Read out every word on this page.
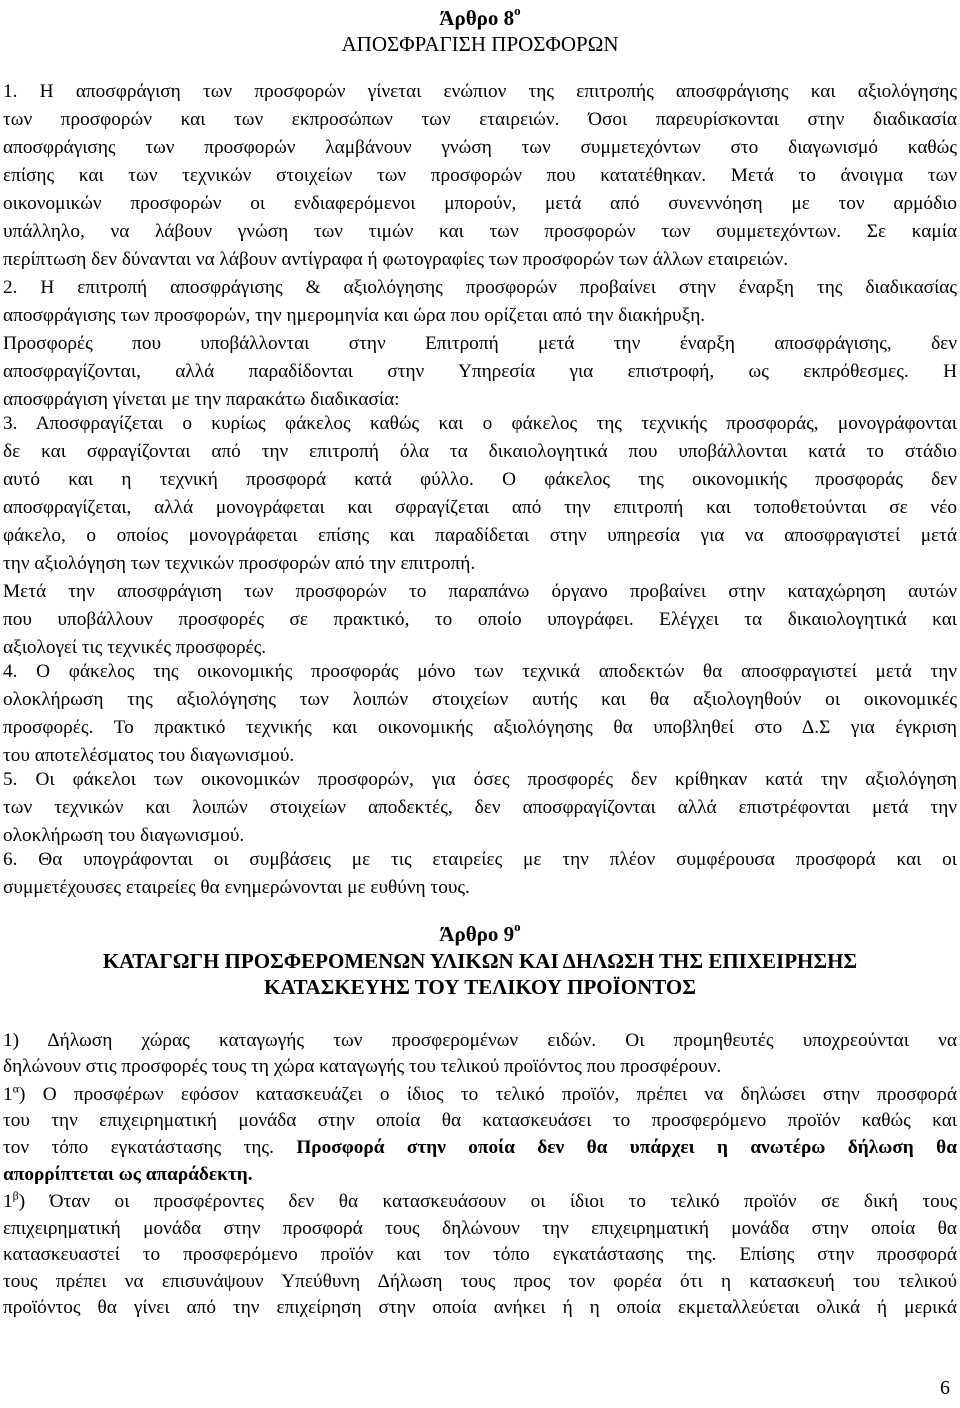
Άρθρο $8^o$
ΑΠΟΣΦΡΑΓΙΣΗ ΠΡΟΣΦΟΡΩΝ
1. Η αποσφράγιση των προσφορών γίνεται ενώπιον της επιτροπής αποσφράγισης και αξιολόγησης
των προσφορών και των εκπροσώπων των εταιρειών. Όσοι παρευρίσκονται στην διαδικασία
αποσφράγισης των προσφορών λαμβάνουν γνώση των συμμετεχόντων στο διαγωνισμό καθώς
επίσης και των τεχνικών στοιχείων των προσφορών που κατατέθηκαν. Μετά το άνοιγμα των
οικονομικών προσφορών οι ενδιαφερόμενοι μπορούν, μετά από συνεννόηση με τον αρμόδιο
υπάλληλο, να λάβουν γνώση των τιμών και των προσφορών των συμμετεχόντων. Σε καμία
περίπτωση δεν δύνανται να λάβουν αντίγραφα ή φωτογραφίες των προσφορών των άλλων εταιρειών.
2. Η επιτροπή αποσφράγισης & αξιολόγησης προσφορών προβαίνει στην έναρξη της διαδικασίας
αποσφράγισης των προσφορών, την ημερομηνία και ώρα που ορίζεται από την διακήρυξη.
Προσφορές που υποβάλλονται στην Επιτροπή μετά την έναρξη αποσφράγισης, δεν
αποσφραγίζονται, αλλά παραδίδονται στην Υπηρεσία για επιστροφή, ως εκπρόθεσμες. Η
αποσφράγιση γίνεται με την παρακάτω διαδικασία:
3. Αποσφραγίζεται ο κυρίως φάκελος καθώς και ο φάκελος της τεχνικής προσφοράς, μονογράφονται
δε και σφραγίζονται από την επιτροπή όλα τα δικαιολογητικά που υποβάλλονται κατά το στάδιο
αυτό και η τεχνική προσφορά κατά φύλλο. Ο φάκελος της οικονομικής προσφοράς δεν
αποσφραγίζεται, αλλά μονογράφεται και σφραγίζεται από την επιτροπή και τοποθετούνται σε νέο
φάκελο, ο οποίος μονογράφεται επίσης και παραδίδεται στην υπηρεσία για να αποσφραγιστεί μετά
την αξιολόγηση των τεχνικών προσφορών από την επιτροπή.
Μετά την αποσφράγιση των προσφορών το παραπάνω όργανο προβαίνει στην καταχώρηση αυτών
που υποβάλλουν προσφορές σε πρακτικό, το οποίο υπογράφει. Ελέγχει τα δικαιολογητικά και
αξιολογεί τις τεχνικές προσφορές.
4. Ο φάκελος της οικονομικής προσφοράς μόνο των τεχνικά αποδεκτών θα αποσφραγιστεί μετά την
ολοκλήρωση της αξιολόγησης των λοιπών στοιχείων αυτής και θα αξιολογηθούν οι οικονομικές
προσφορές. Το πρακτικό τεχνικής και οικονομικής αξιολόγησης θα υποβληθεί στο Δ.Σ για έγκριση
του αποτελέσματος του διαγωνισμού.
5. Οι φάκελοι των οικονομικών προσφορών, για όσες προσφορές δεν κρίθηκαν κατά την αξιολόγηση
των τεχνικών και λοιπών στοιχείων αποδεκτές, δεν αποσφραγίζονται αλλά επιστρέφονται μετά την
ολοκλήρωση του διαγωνισμού.
6. Θα υπογράφονται οι συμβάσεις με τις εταιρείες με την πλέον συμφέρουσα προσφορά και οι
συμμετέχουσες εταιρείες θα ενημερώνονται με ευθύνη τους.
Άρθρο $9^o$
ΚΑΤΑΓΩΓΗ ΠΡΟΣΦΕΡΟΜΕΝΩΝ ΥΛΙΚΩΝ ΚΑΙ ΔΗΛΩΣΗ ΤΗΣ ΕΠΙΧΕΙΡΗΣΗΣ
ΚΑΤΑΣΚΕΥΗΣ ΤΟΥ ΤΕΛΙΚΟΥ ΠΡΟΪΟΝΤΟΣ
1) Δήλωση χώρας καταγωγής των προσφερομένων ειδών. Οι προμηθευτές υποχρεούνται να
δηλώνουν στις προσφορές τους τη χώρα καταγωγής του τελικού προϊόντος που προσφέρουν.
$1^\alpha$) Ο προσφέρων εφόσον κατασκευάζει ο ίδιος το τελικό προϊόν, πρέπει να δηλώσει στην προσφορά
του την επιχειρηματική μονάδα στην οποία θα κατασκευάσει το προσφερόμενο προϊόν καθώς και
τον τόπο εγκατάστασης της. Προσφορά στην οποία δεν θα υπάρχει η ανωτέρω δήλωση θα
απορρίπτεται ως απαράδεκτη.
$1^\beta$) Όταν οι προσφέροντες δεν θα κατασκευάσουν οι ίδιοι το τελικό προϊόν σε δική τους
επιχειρηματική μονάδα στην προσφορά τους δηλώνουν την επιχειρηματική μονάδα στην οποία θα
κατασκευαστεί το προσφερόμενο προϊόν και τον τόπο εγκατάστασης της. Επίσης στην προσφορά
τους πρέπει να επισυνάψουν Υπεύθυνη Δήλωση τους προς τον φορέα ότι η κατασκευή του τελικού
προϊόντος θα γίνει από την επιχείρηση στην οποία ανήκει ή η οποία εκμεταλλεύεται ολικά ή μερικά
6
